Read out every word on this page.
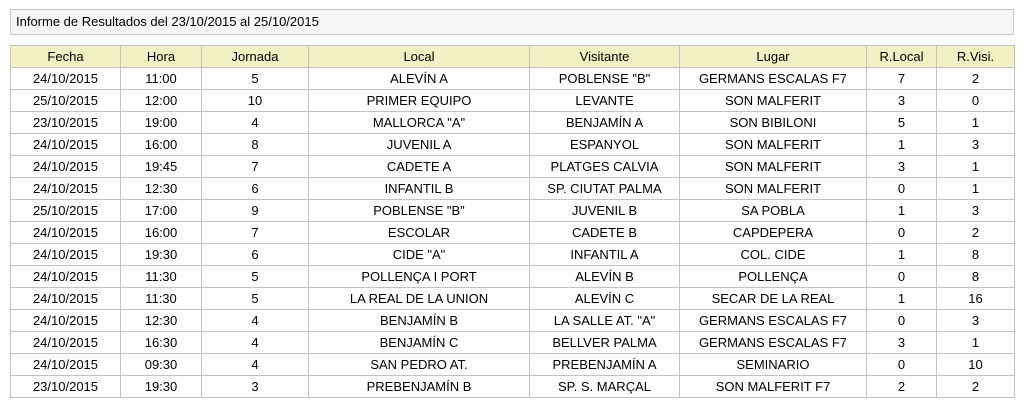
Informe de Resultados del 23/10/2015 al 25/10/2015
Fecha	Hora	Jornada	Local	Visitante	Lugar	R.Local	R.Visi.
24/10/2015	11:00	5	ALEVÍN A	POBLENSE "B"	GERMANS ESCALAS F7	7	2
25/10/2015	12:00	10	PRIMER EQUIPO	LEVANTE	SON MALFERIT	3	0
23/10/2015	19:00	4	MALLORCA "A"	BENJAMÍN A	SON BIBILONI	5	1
24/10/2015	16:00	8	JUVENIL A	ESPANYOL	SON MALFERIT	1	3
24/10/2015	19:45	7	CADETE A	PLATGES CALVIA	SON MALFERIT	3	1
24/10/2015	12:30	6	INFANTIL B	SP. CIUTAT PALMA	SON MALFERIT	0	1
25/10/2015	17:00	9	POBLENSE "B"	JUVENIL B	SA POBLA	1	3
24/10/2015	16:00	7	ESCOLAR	CADETE B	CAPDEPERA	0	2
24/10/2015	19:30	6	CIDE "A"	INFANTIL A	COL. CIDE	1	8
24/10/2015	11:30	5	POLLENÇA I PORT	ALEVÍN B	POLLENÇA	0	8
24/10/2015	11:30	5	LA REAL DE LA UNION	ALEVÍN C	SECAR DE LA REAL	1	16
24/10/2015	12:30	4	BENJAMÍN B	LA SALLE AT. "A"	GERMANS ESCALAS F7	0	3
24/10/2015	16:30	4	BENJAMÍN C	BELLVER PALMA	GERMANS ESCALAS F7	3	1
24/10/2015	09:30	4	SAN PEDRO AT.	PREBENJAMÍN A	SEMINARIO	0	10
23/10/2015	19:30	3	PREBENJAMÍN B	SP. S. MARÇAL	SON MALFERIT F7	2	2
